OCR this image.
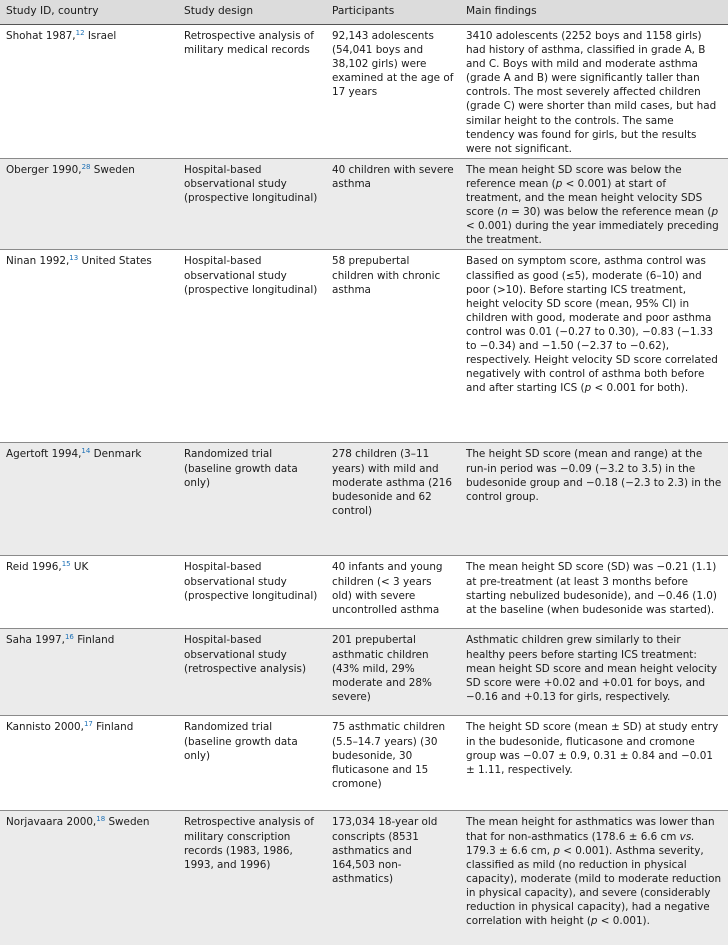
Study ID, country	Study design	Participants	Main findings
Shohat 1987,12 Israel	Retrospective analysis of military medical records	92,143 adolescents (54,041 boys and 38,102 girls) were examined at the age of 17 years	3410 adolescents (2252 boys and 1158 girls) had history of asthma, classified in grade A, B and C. Boys with mild and moderate asthma (grade A and B) were significantly taller than controls. The most severely affected children (grade C) were shorter than mild cases, but had similar height to the controls. The same tendency was found for girls, but the results were not significant.
Oberger 1990,28 Sweden	Hospital-based observational study (prospective longitudinal)	40 children with severe asthma	The mean height SD score was below the reference mean (p < 0.001) at start of treatment, and the mean height velocity SDS score (n = 30) was below the reference mean (p < 0.001) during the year immediately preceding the treatment.
Ninan 1992,13 United States	Hospital-based observational study (prospective longitudinal)	58 prepubertal children with chronic asthma	Based on symptom score, asthma control was classified as good (≤5), moderate (6–10) and poor (>10). Before starting ICS treatment, height velocity SD score (mean, 95% CI) in children with good, moderate and poor asthma control was 0.01 (−0.27 to 0.30), −0.83 (−1.33 to −0.34) and −1.50 (−2.37 to −0.62), respectively. Height velocity SD score correlated negatively with control of asthma both before and after starting ICS (p < 0.001 for both).
Agertoft 1994,14 Denmark	Randomized trial (baseline growth data only)	278 children (3–11 years) with mild and moderate asthma (216 budesonide and 62 control)	The height SD score (mean and range) at the run-in period was −0.09 (−3.2 to 3.5) in the budesonide group and −0.18 (−2.3 to 2.3) in the control group.
Reid 1996,15 UK	Hospital-based observational study (prospective longitudinal)	40 infants and young children (< 3 years old) with severe uncontrolled asthma	The mean height SD score (SD) was −0.21 (1.1) at pre-treatment (at least 3 months before starting nebulized budesonide), and −0.46 (1.0) at the baseline (when budesonide was started).
Saha 1997,16 Finland	Hospital-based observational study (retrospective analysis)	201 prepubertal asthmatic children (43% mild, 29% moderate and 28% severe)	Asthmatic children grew similarly to their healthy peers before starting ICS treatment: mean height SD score and mean height velocity SD score were +0.02 and +0.01 for boys, and −0.16 and +0.13 for girls, respectively.
Kannisto 2000,17 Finland	Randomized trial (baseline growth data only)	75 asthmatic children (5.5–14.7 years) (30 budesonide, 30 fluticasone and 15 cromone)	The height SD score (mean ± SD) at study entry in the budesonide, fluticasone and cromone group was −0.07 ± 0.9, 0.31 ± 0.84 and −0.01 ± 1.11, respectively.
Norjavaara 2000,18 Sweden	Retrospective analysis of military conscription records (1983, 1986, 1993, and 1996)	173,034 18-year old conscripts (8531 asthmatics and 164,503 non-asthmatics)	The mean height for asthmatics was lower than that for non-asthmatics (178.6 ± 6.6 cm vs. 179.3 ± 6.6 cm, p < 0.001). Asthma severity, classified as mild (no reduction in physical capacity), moderate (mild to moderate reduction in physical capacity), and severe (considerably reduction in physical capacity), had a negative correlation with height (p < 0.001).
